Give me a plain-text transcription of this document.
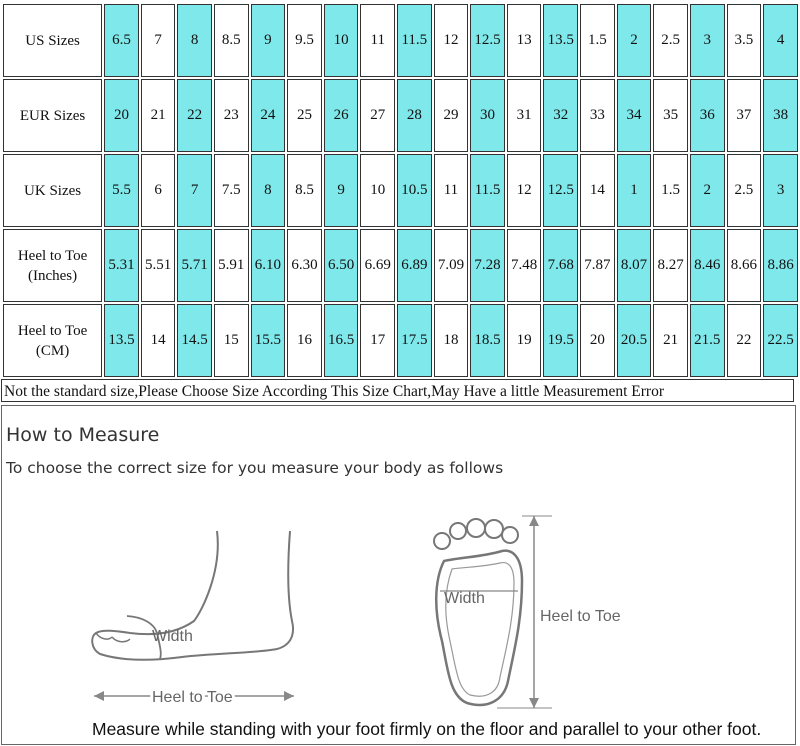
US Sizes	6.5	7	8	8.5	9	9.5	10	11	11.5	12	12.5	13	13.5	1.5	2	2.5	3	3.5	4

EUR Sizes	20	21	22	23	24	25	26	27	28	29	30	31	32	33	34	35	36	37	38

UK Sizes	5.5	6	7	7.5	8	8.5	9	10	10.5	11	11.5	12	12.5	14	1	1.5	2	2.5	3

Heel to Toe
(Inches)	5.31	5.51	5.71	5.91	6.10	6.30	6.50	6.69	6.89	7.09	7.28	7.48	7.68	7.87	8.07	8.27	8.46	8.66	8.86

Heel to Toe
(CM)	13.5	14	14.5	15	15.5	16	16.5	17	17.5	18	18.5	19	19.5	20	20.5	21	21.5	22	22.5
Not the standard size,Please Choose Size According This Size Chart,May Have a little Measurement Error
How to Measure
To choose the correct size for you measure your body as follows
Width
Heel to Toe
Width
Heel to Toe
Measure while standing with your foot firmly on the floor and parallel to your other foot.
